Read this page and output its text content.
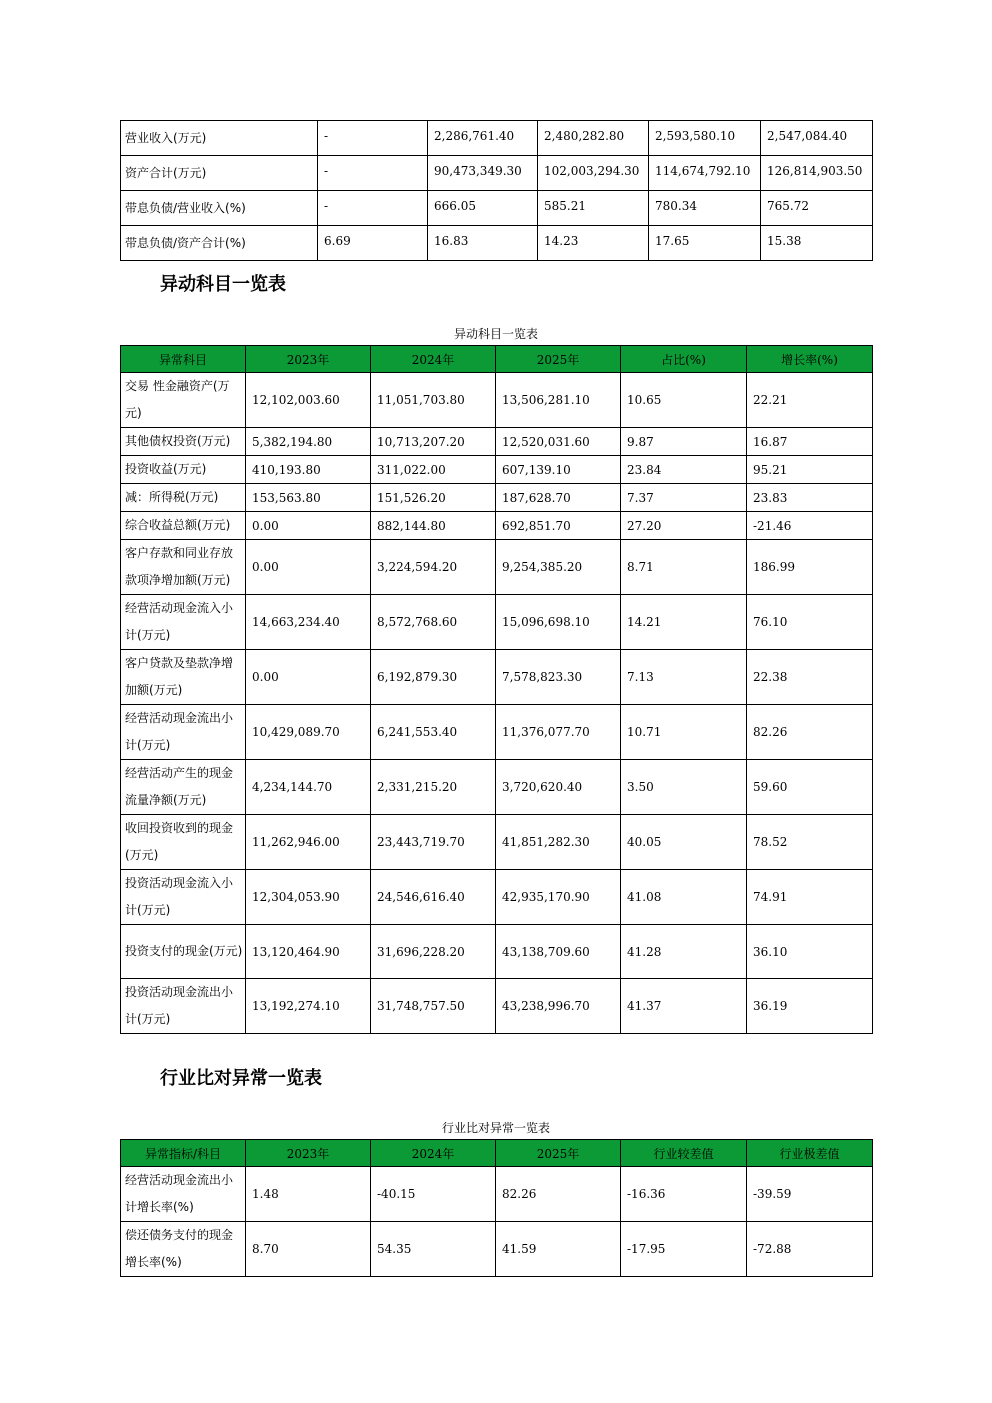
营业收入(万元)	-	2,286,761.40	2,480,282.80	2,593,580.10	2,547,084.40
资产合计(万元)	-	90,473,349.30	102,003,294.30	114,674,792.10	126,814,903.50
带息负债/营业收入(%)	-	666.05	585.21	780.34	765.72
带息负债/资产合计(%)	6.69	16.83	14.23	17.65	15.38
异动科目一览表
异动科目一览表
异常科目	2023年	2024年	2025年	占比(%)	增长率(%)
交易 性金融资产(万元)	12,102,003.60	11,051,703.80	13,506,281.10	10.65	22.21
其他债权投资(万元)	5,382,194.80	10,713,207.20	12,520,031.60	9.87	16.87
投资收益(万元)	410,193.80	311,022.00	607,139.10	23.84	95.21
减：所得税(万元)	153,563.80	151,526.20	187,628.70	7.37	23.83
综合收益总额(万元)	0.00	882,144.80	692,851.70	27.20	-21.46
客户存款和同业存放款项净增加额(万元)	0.00	3,224,594.20	9,254,385.20	8.71	186.99
经营活动现金流入小计(万元)	14,663,234.40	8,572,768.60	15,096,698.10	14.21	76.10
客户贷款及垫款净增加额(万元)	0.00	6,192,879.30	7,578,823.30	7.13	22.38
经营活动现金流出小计(万元)	10,429,089.70	6,241,553.40	11,376,077.70	10.71	82.26
经营活动产生的现金流量净额(万元)	4,234,144.70	2,331,215.20	3,720,620.40	3.50	59.60
收回投资收到的现金(万元)	11,262,946.00	23,443,719.70	41,851,282.30	40.05	78.52
投资活动现金流入小计(万元)	12,304,053.90	24,546,616.40	42,935,170.90	41.08	74.91
投资支付的现金(万元)	13,120,464.90	31,696,228.20	43,138,709.60	41.28	36.10
投资活动现金流出小计(万元)	13,192,274.10	31,748,757.50	43,238,996.70	41.37	36.19
行业比对异常一览表
行业比对异常一览表
异常指标/科目	2023年	2024年	2025年	行业较差值	行业极差值
经营活动现金流出小计增长率(%)	1.48	-40.15	82.26	-16.36	-39.59
偿还债务支付的现金增长率(%)	8.70	54.35	41.59	-17.95	-72.88
